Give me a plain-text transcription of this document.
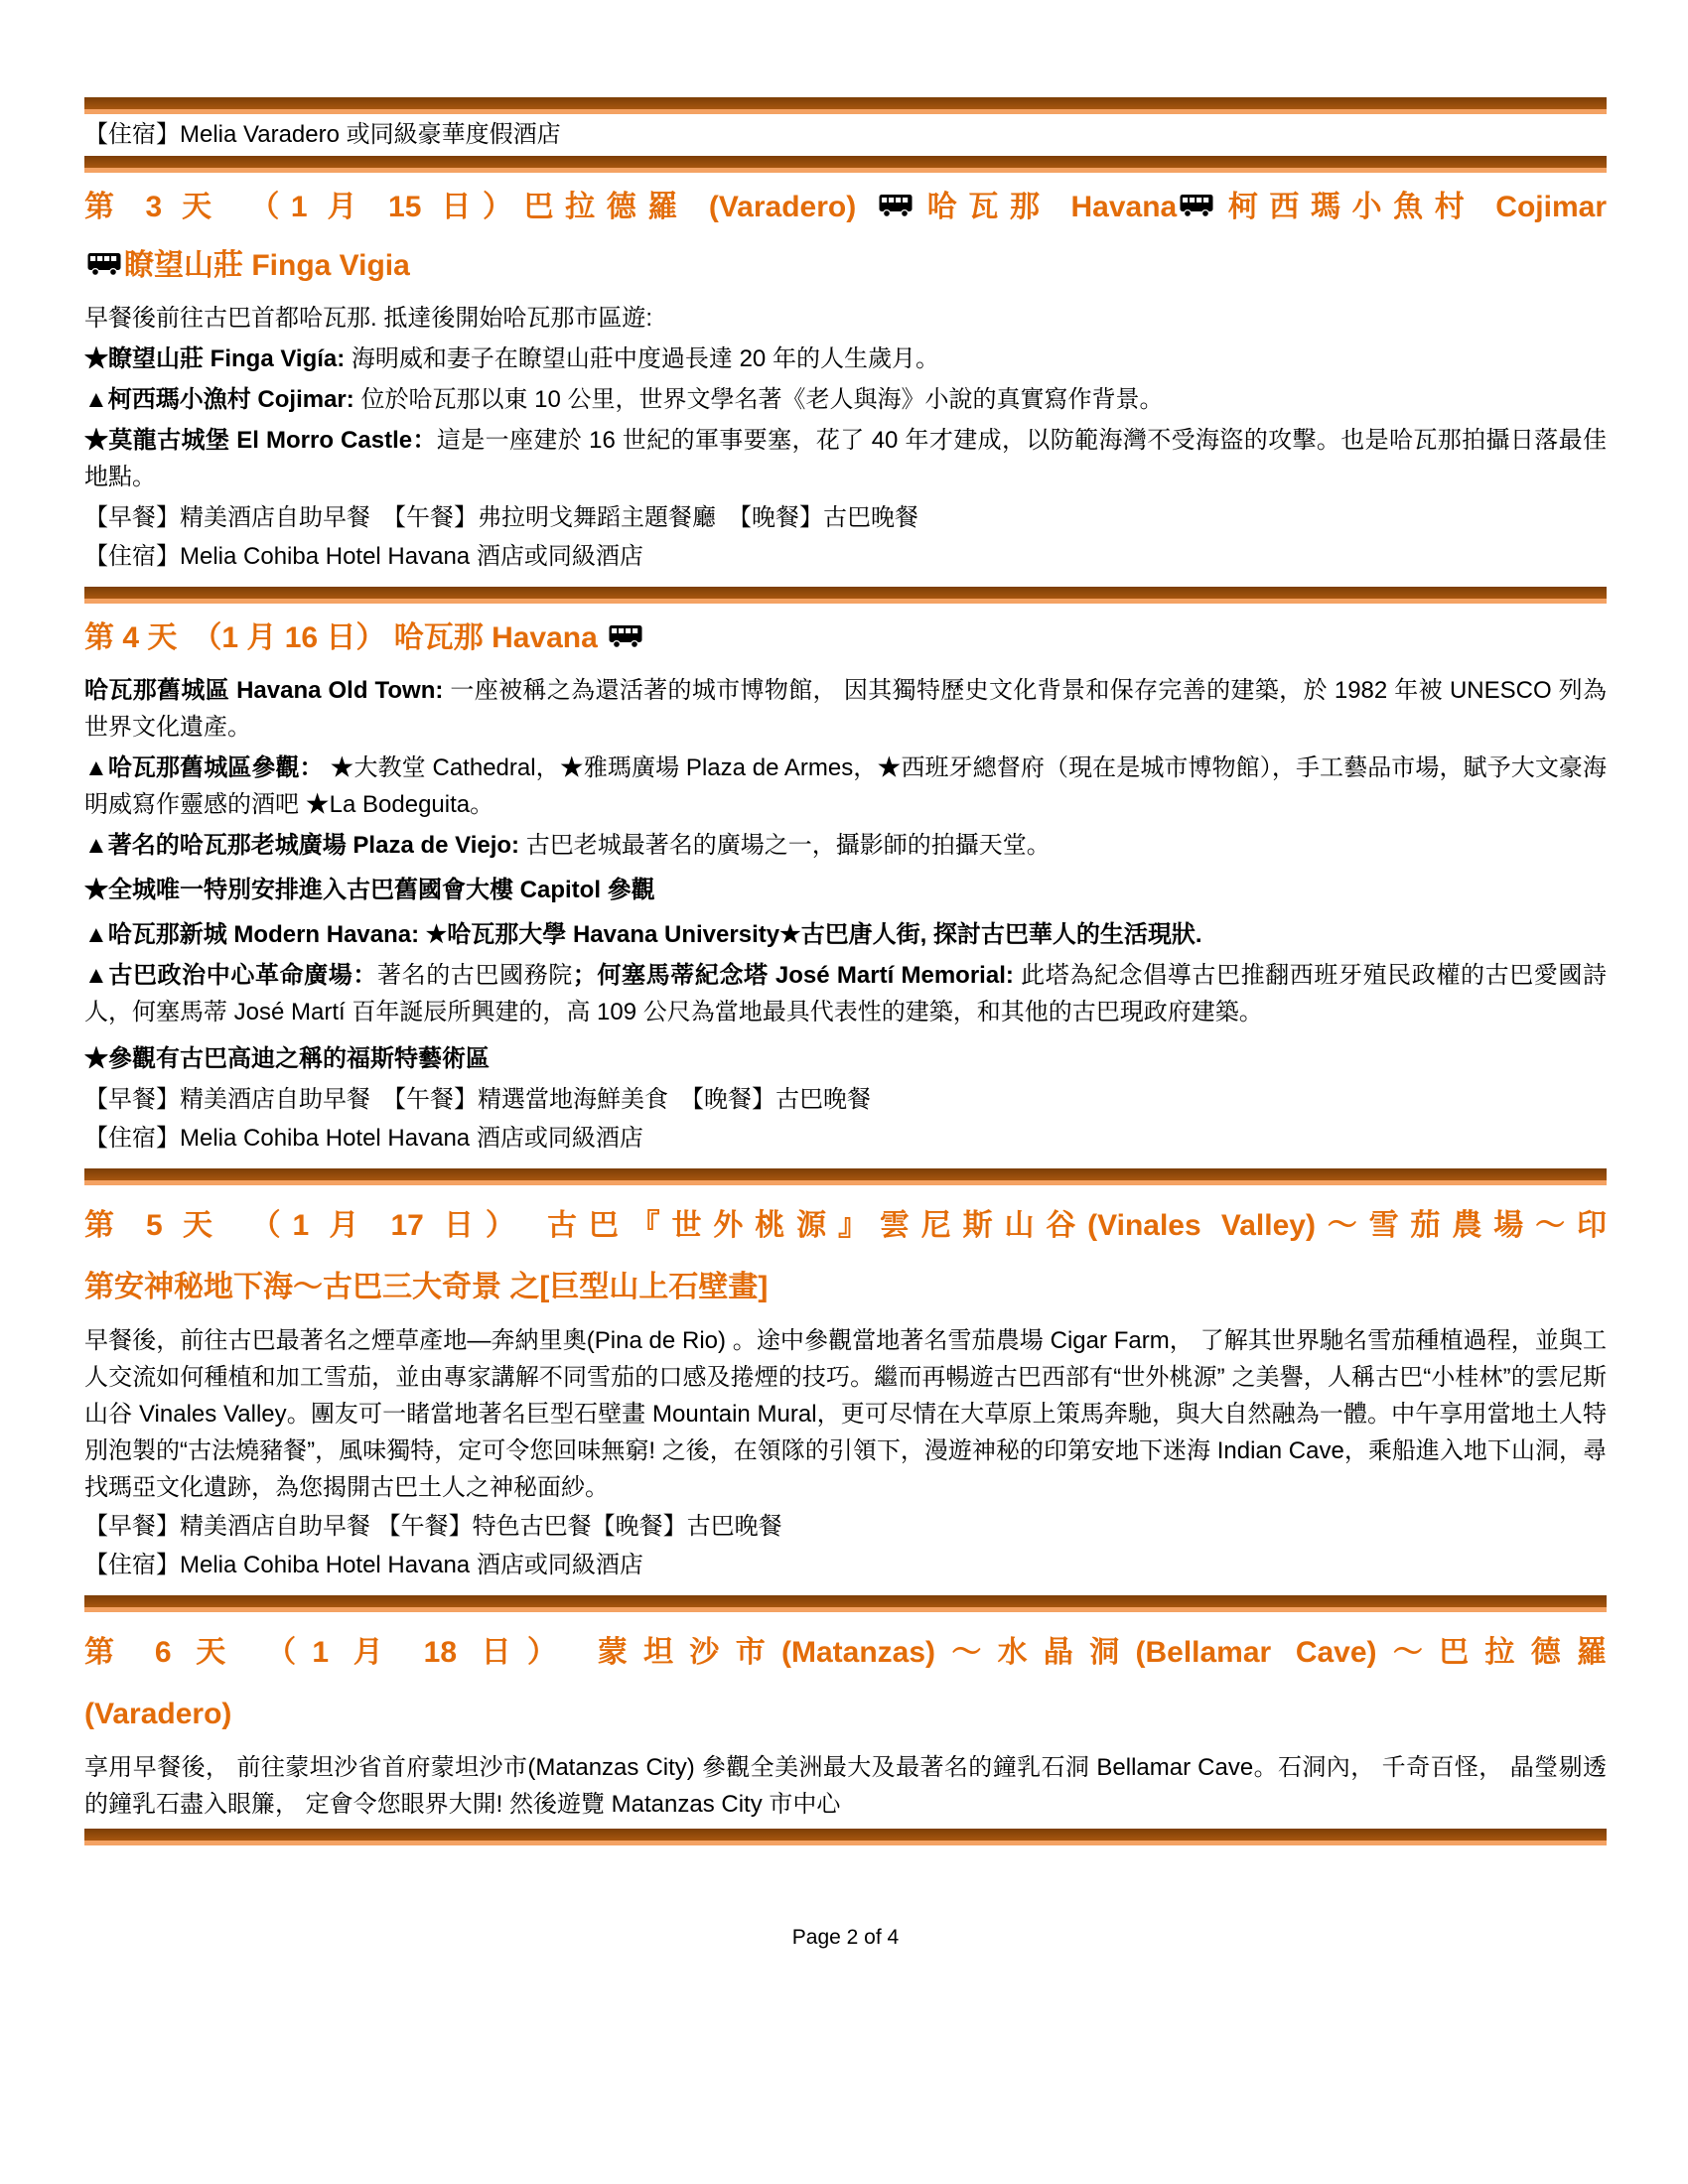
【住宿】Melia Varadero 或同級豪華度假酒店
第 3 天　（1 月 15 日）巴拉德羅 (Varadero) 哈瓦那 Havana 柯西瑪小魚村 Cojimar
瞭望山莊 Finga Vigia

早餐後前往古巴首都哈瓦那. 抵達後開始哈瓦那市區遊:

★瞭望山莊 Finga Vigía: 海明威和妻子在瞭望山莊中度過長達 20 年的人生歲月。

▲柯西瑪小漁村 Cojimar: 位於哈瓦那以東 10 公里，世界文學名著《老人與海》小說的真實寫作背景。

★莫龍古城堡 El Morro Castle：這是一座建於 16 世紀的軍事要塞，花了 40 年才建成，以防範海灣不受海盜的攻擊。也是哈瓦那拍攝日落最佳地點。

【早餐】精美酒店自助早餐　【午餐】弗拉明戈舞蹈主題餐廳　【晚餐】古巴晚餐

【住宿】Melia Cohiba Hotel Havana 酒店或同級酒店

第 4 天　（1 月 16 日） 哈瓦那 Havana

哈瓦那舊城區 Havana Old Town: 一座被稱之為還活著的城市博物館， 因其獨特歷史文化背景和保存完善的建築，於 1982 年被 UNESCO 列為世界文化遺產。

▲哈瓦那舊城區參觀： ★大教堂 Cathedral，★雅瑪廣場 Plaza de Armes，★西班牙總督府（現在是城市博物館），手工藝品市場，賦予大文豪海明威寫作靈感的酒吧 ★La Bodeguita。

▲著名的哈瓦那老城廣場 Plaza de Viejo: 古巴老城最著名的廣場之一，攝影師的拍攝天堂。

★全城唯一特別安排進入古巴舊國會大樓 Capitol 參觀

▲哈瓦那新城 Modern Havana: ★哈瓦那大學 Havana University★古巴唐人街, 探討古巴華人的生活現狀.

▲古巴政治中心革命廣場：著名的古巴國務院；何塞馬蒂紀念塔 José Martí Memorial: 此塔為紀念倡導古巴推翻西班牙殖民政權的古巴愛國詩人，何塞馬蒂 José Martí 百年誕辰所興建的，高 109 公尺為當地最具代表性的建築，和其他的古巴現政府建築。

★參觀有古巴高迪之稱的福斯特藝術區

【早餐】精美酒店自助早餐　【午餐】精選當地海鮮美食　【晚餐】古巴晚餐

【住宿】Melia Cohiba Hotel Havana 酒店或同級酒店

第 5 天　（1 月 17 日） 古巴『世外桃源』雲尼斯山谷(Vinales Valley)〜雪茄農場〜印
第安神秘地下海〜古巴三大奇景 之[巨型山上石壁畫]

早餐後，前往古巴最著名之煙草產地—奔納里奧(Pina de Rio) 。途中參觀當地著名雪茄農場 Cigar Farm， 了解其世界馳名雪茄種植過程，並與工人交流如何種植和加工雪茄，並由專家講解不同雪茄的口感及捲煙的技巧。繼而再暢遊古巴西部有“世外桃源” 之美譽，人稱古巴“小桂林”的雲尼斯山谷 Vinales Valley。團友可一睹當地著名巨型石壁畫 Mountain Mural，更可尽情在大草原上策馬奔馳，與大自然融為一體。中午享用當地土人特別泡製的“古法燒豬餐”，風味獨特，定可令您回味無窮! 之後，在領隊的引領下，漫遊神秘的印第安地下迷海 Indian Cave，乘船進入地下山洞，尋找瑪亞文化遺跡，為您揭開古巴土人之神秘面紗。

【早餐】精美酒店自助早餐 【午餐】特色古巴餐【晚餐】古巴晚餐

【住宿】Melia Cohiba Hotel Havana 酒店或同級酒店

第 6 天 （1 月 18 日） 蒙坦沙市(Matanzas)〜水晶洞(Bellamar Cave)〜巴拉德羅
(Varadero)

享用早餐後， 前往蒙坦沙省首府蒙坦沙市(Matanzas City) 參觀全美洲最大及最著名的鐘乳石洞 Bellamar Cave。石洞內， 千奇百怪， 晶瑩剔透的鐘乳石盡入眼簾， 定會令您眼界大開! 然後遊覽 Matanzas City 市中心

Page 2 of 4
